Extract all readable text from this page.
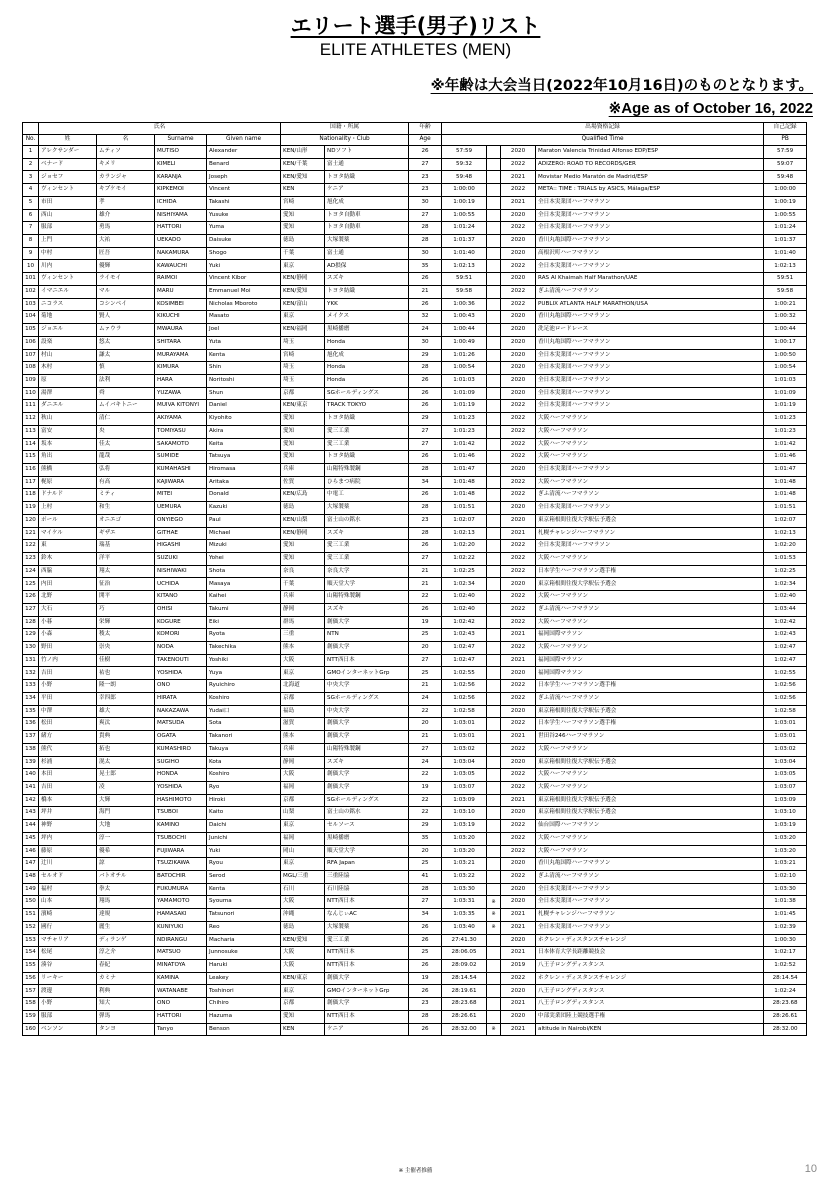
エリート選手(男子)リスト
ELITE ATHLETES (MEN)
※年齢は大会当日(2022年10月16日)のものとなります。
※Age as of October 16, 2022
	氏名				国籍・所属		年齢	出場資格記録				自己記録
No.	姓	名	Surname	Given name	Nationality・Club		Age	Qualified Time				PB
1	アレクサンダー	ムティソ	MUTISO	Alexander	KEN/山形	NDソフト	26	57:59		2020	Maraton Valencia Trinidad Alfonso EDP/ESP	57:59
2	ベナード	キメリ	KIMELI	Benard	KEN/千葉	富士通	27	59:32		2022	ADIZERO: ROAD TO RECORDS/GER	59:07
3	ジョセフ	カランジャ	KARANJA	Joseph	KEN/愛知	トヨタ紡織	23	59:48		2021	Movistar Medio Maratón de Madrid/ESP	59:48
4	ヴィンセント	キプケモイ	KIPKEMOI	Vincent	KEN	ケニア	23	1:00:00		2022	META:: TIME : TRIALS by ASICS, Málaga/ESP	1:00:00
5	市田	孝	ICHIDA	Takashi	宮崎	旭化成	30	1:00:19		2021	全日本実業団ハーフマラソン	1:00:19
6	西山	雄介	NISHIYAMA	Yusuke	愛知	トヨタ自動車	27	1:00:55		2020	全日本実業団ハーフマラソン	1:00:55
7	服部	勇馬	HATTORI	Yuma	愛知	トヨタ自動車	28	1:01:24		2022	全日本実業団ハーフマラソン	1:01:24
8	上門	大祐	UEKADO	Daisuke	徳島	大塚製薬	28	1:01:37		2020	香川丸亀国際ハーフマラソン	1:01:37
9	中村	匠吾	NAKAMURA	Shogo	千葉	富士通	30	1:01:40		2020	高根沢町ハーフマラソン	1:01:40
10	川内	優輝	KAWAUCHI	Yuki	東京	AD損保	35	1:02:13		2022	全日本実業団ハーフマラソン	1:02:13
101	ヴィンセント	ライモイ	RAIMOI	Vincent Kibor	KEN/静岡	スズキ	26	59:51		2020	RAS Al Khaimah Half Marathon/UAE	59:51
102	イマニエル	マル	MARU	Emmanuel Moi	KEN/愛知	トヨタ紡織	21	59:58		2022	ぎふ清流ハーフマラソン	59:58
103	ニコラス	コシンベイ	KOSIMBEI	Nicholas Mboroto	KEN/富山	YKK	26	1:00:36		2022	PUBLIX ATLANTA HALF MARATHON/USA	1:00:21
104	菊地	賢人	KIKUCHI	Masato	東京	メイクス	32	1:00:43		2020	香川丸亀国際ハーフマラソン	1:00:32
105	ジョエル	ムァウラ	MWAURA	Joel	KEN/福岡	黒崎播磨	24	1:00:44		2020	洗足池ロードレース	1:00:44
106	設楽	悠太	SHITARA	Yuta	埼玉	Honda	30	1:00:49		2020	香川丸亀国際ハーフマラソン	1:00:17
107	村山	謙太	MURAYAMA	Kenta	宮崎	旭化成	29	1:01:26		2020	全日本実業団ハーフマラソン	1:00:50
108	木村	慎	KIMURA	Shin	埼玉	Honda	28	1:00:54		2020	全日本実業団ハーフマラソン	1:00:54
109	原	法利	HARA	Noritoshi	埼玉	Honda	26	1:01:03		2020	全日本実業団ハーフマラソン	1:01:03
110	湯澤	舜	YUZAWA	Shun	京都	SGホールディングス	26	1:01:09		2020	全日本実業団ハーフマラソン	1:01:09
111	ダニエル	ムイバキトニー	MUIVA KITONYI	Daniel	KEN/東京	TRACK TOKYO	26	1:01:19		2022	全日本実業団ハーフマラソン	1:01:19
112	秋山	清仁	AKIYAMA	Kiyohito	愛知	トヨタ紡織	29	1:01:23		2022	大阪ハーフマラソン	1:01:23
113	富安	央	TOMIYASU	Akira	愛知	愛三工業	27	1:01:23		2022	大阪ハーフマラソン	1:01:23
114	坂本	佳太	SAKAMOTO	Keita	愛知	愛三工業	27	1:01:42		2022	大阪ハーフマラソン	1:01:42
115	角出	龍哉	SUMIDE	Tatsuya	愛知	トヨタ紡織	26	1:01:46		2022	大阪ハーフマラソン	1:01:46
116	熊橋	弘将	KUMAHASHI	Hiromasa	兵庫	山陽特殊製鋼	28	1:01:47		2020	全日本実業団ハーフマラソン	1:01:47
117	梶原	有高	KAJIWARA	Aritaka	佐賀	ひらまつ病院	34	1:01:48		2022	大阪ハーフマラソン	1:01:48
118	ドナルド	ミティ	MITEI	Donald	KEN/広島	中電工	26	1:01:48		2022	ぎふ清流ハーフマラソン	1:01:48
119	上村	和生	UEMURA	Kazuki	徳島	大塚製薬	28	1:01:51		2020	全日本実業団ハーフマラソン	1:01:51
120	ポール	オニエゴ	ONYIEGO	Paul	KEN/山梨	富士山の銘水	23	1:02:07		2020	東京箱根間往復大学駅伝予選会	1:02:07
121	マイケル	ギザエ	GITHAE	Michael	KEN/静岡	スズキ	28	1:02:13		2021	札幌チャレンジハーフマラソン	1:02:13
122	東	瑞基	HIGASHI	Mizuki	愛知	愛三工業	26	1:02:20		2022	全日本実業団ハーフマラソン	1:02:20
123	鈴木	洋平	SUZUKI	Yohei	愛知	愛三工業	27	1:02:22		2022	大阪ハーフマラソン	1:01:53
124	西脇	翔太	NISHIWAKI	Shota	奈良	奈良大学	21	1:02:25		2022	日本学生ハーフマラソン選手権	1:02:25
125	内田	征治	UCHIDA	Masaya	千葉	順天堂大学	21	1:02:34		2020	東京箱根間往復大学駅伝予選会	1:02:34
126	北野	開平	KITANO	Kaihei	兵庫	山陽特殊製鋼	22	1:02:40		2022	大阪ハーフマラソン	1:02:40
127	大石	巧	OHISI	Takumi	静岡	スズキ	26	1:02:40		2022	ぎふ清流ハーフマラソン	1:03:44
128	小暮	栄輝	KOGURE	Eiki	群馬	創価大学	19	1:02:42		2022	大阪ハーフマラソン	1:02:42
129	小森	稜太	KOMORI	Ryota	三重	NTN	25	1:02:43		2021	福岡国際マラソン	1:02:43
130	野田	崇央	NODA	Takechika	熊本	創価大学	20	1:02:47		2022	大阪ハーフマラソン	1:02:47
131	竹ノ内	佳樹	TAKENOUTI	Yoshiki	大阪	NTT西日本	27	1:02:47		2021	福岡国際マラソン	1:02:47
132	吉田	祐也	YOSHIDA	Yuya	東京	GMOインターネットGrp	25	1:02:55		2020	福岡国際マラソン	1:02:55
133	小野	隆一朗	ONO	Ryuichiro	北海道	中央大学	21	1:02:56		2022	日本学生ハーフマラソン選手権	1:02:56
134	平田	幸四郎	HIRATA	Koshiro	京都	SGホールディングス	24	1:02:56		2022	ぎふ清流ハーフマラソン	1:02:56
135	中澤	雄大	NAKAZAWA	Yudai口	福島	中央大学	22	1:02:58		2020	東京箱根間往復大学駅伝予選会	1:02:58
136	松田	爽汰	MATSUDA	Sota	滋賀	創価大学	20	1:03:01		2022	日本学生ハーフマラソン選手権	1:03:01
137	緒方	貴典	OGATA	Takanori	熊本	創価大学	21	1:03:01		2021	世田谷246ハーフマラソン	1:03:01
138	熊代	拓也	KUMASHIRO	Takuya	兵庫	山陽特殊製鋼	27	1:03:02		2022	大阪ハーフマラソン	1:03:02
139	杉浦	滉太	SUGIHO	Kota	静岡	スズキ	24	1:03:04		2020	東京箱根間往復大学駅伝予選会	1:03:04
140	本田	晃士郎	HONDA	Koshiro	大阪	創価大学	22	1:03:05		2022	大阪ハーフマラソン	1:03:05
141	吉田	凌	YOSHIDA	Ryo	福岡	創価大学	19	1:03:07		2022	大阪ハーフマラソン	1:03:07
142	橋本	大輝	HASHIMOTO	Hiroki	京都	SGホールディングス	22	1:03:09		2021	東京箱根間往復大学駅伝予選会	1:03:09
143	坪井	海門	TSUBOI	Kaito	山梨	富士山の銘水	22	1:03:10		2020	東京箱根間往復大学駅伝予選会	1:03:10
144	神野	大地	KAMINO	Daichi	東京	セルソース	29	1:03:19		2022	仙台国際ハーフマラソン	1:03:19
145	坪内	淳一	TSUBOCHI	Junichi	福岡	黒崎播磨	35	1:03:20		2022	大阪ハーフマラソン	1:03:20
146	藤原	優希	FUJIWARA	Yuki	岡山	順天堂大学	20	1:03:20		2022	大阪ハーフマラソン	1:03:20
147	辻川	諒	TSUZIKAWA	Ryou	東京	RFA Japan	25	1:03:21		2020	香川丸亀国際ハーフマラソン	1:03:21
148	セルオド	バトオチル	BATOCHIR	Serod	MGL/三重	三重陸協	41	1:03:22		2022	ぎふ清流ハーフマラソン	1:02:10
149	福村	拳太	FUKUMURA	Kenta	石川	石川陸協	28	1:03:30		2020	全日本実業団ハーフマラソン	1:03:30
150	山本	翔馬	YAMAMOTO	Syouma	大阪	NTT西日本	27	1:03:31	※	2020	全日本実業団ハーフマラソン	1:01:38
151	濱崎	達規	HAMASAKI	Tatsunori	沖縄	なんじぃAC	34	1:03:35	※	2021	札幌チャレンジハーフマラソン	1:01:45
152	國行	麗生	KUNIYUKI	Reo	徳島	大塚製薬	26	1:03:40	※	2021	全日本実業団ハーフマラソン	1:02:39
153	マチャリア	ディランゲ	NDIRANGU	Macharia	KEN/愛知	愛三工業	26	27:41.30		2020	ホクレン・ディスタンスチャレンジ	1:00:30
154	松尾	淳之介	MATSUO	Junnosuke	大阪	NTT西日本	25	28:06.05		2021	日本体育大学長距離競技会	1:02:17
155	湊谷	春紀	MINATOYA	Haruki	大阪	NTT西日本	26	28:09.02		2019	八王子ロングディスタンス	1:02:52
156	リーキー	カミナ	KAMINA	Leakey	KEN/東京	創価大学	19	28:14.54		2022	ホクレン・ディスタンスチャレンジ	28:14.54
157	渡邊	利典	WATANABE	Toshinori	東京	GMOインターネットGrp	26	28:19.61		2020	八王子ロングディスタンス	1:02:24
158	小野	知大	ONO	Chihiro	京都	創価大学	23	28:23.68		2021	八王子ロングディスタンス	28:23.68
159	服部	弾馬	HATTORI	Hazuma	愛知	NTT西日本	28	28:26.61		2020	中部実業団陸上競技選手権	28:26.61
160	ベンソン	タンヨ	Tanyo	Benson	KEN	ケニア	26	28:32.00	※	2021	altitude in Nairobi/KEN	28:32.00
※ 主催者推薦	10
